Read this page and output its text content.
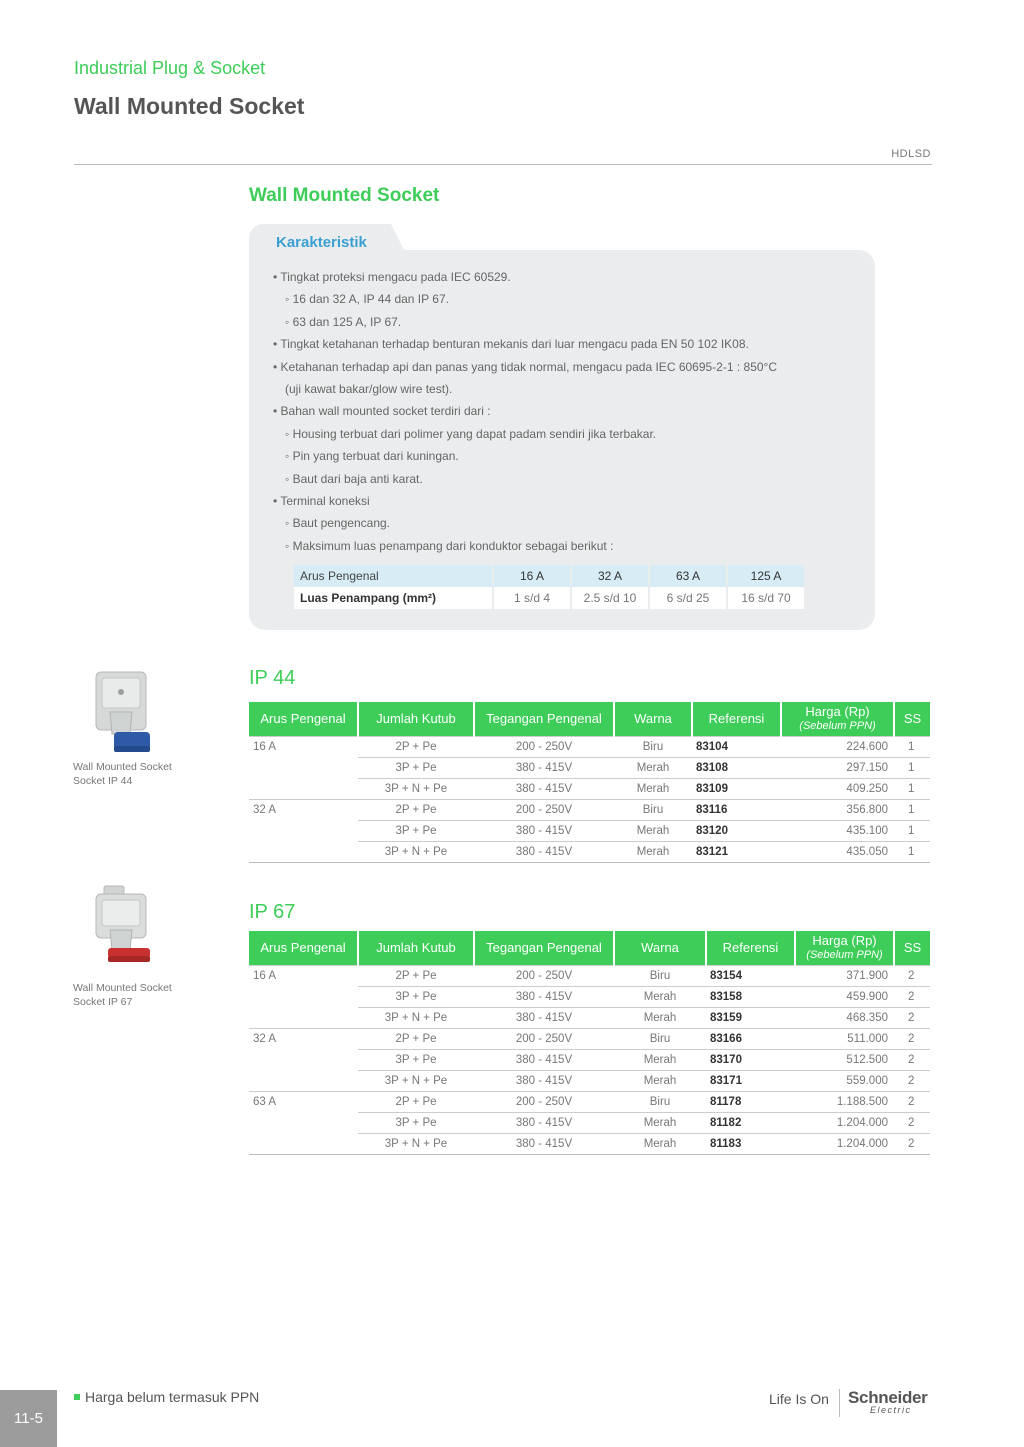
Industrial Plug & Socket
Wall Mounted Socket
HDLSD
Wall Mounted Socket
Karakteristik
• Tingkat proteksi mengacu pada IEC 60529.
◦ 16 dan 32 A, IP 44 dan IP 67.
◦ 63 dan 125 A, IP 67.
• Tingkat ketahanan terhadap benturan mekanis dari luar mengacu pada EN 50 102 IK08.
• Ketahanan terhadap api dan panas yang tidak normal, mengacu pada IEC 60695-2-1 : 850°C
(uji kawat bakar/glow wire test).
• Bahan wall mounted socket terdiri dari :
◦ Housing terbuat dari polimer yang dapat padam sendiri jika terbakar.
◦ Pin yang terbuat dari kuningan.
◦ Baut dari baja anti karat.
• Terminal koneksi
◦ Baut pengencang.
◦ Maksimum luas penampang dari konduktor sebagai berikut :
Arus Pengenal	16 A	32 A	63 A	125 A
Luas Penampang (mm²)	1 s/d 4	2.5 s/d 10	6 s/d 25	16 s/d 70
Wall Mounted Socket Socket IP 44
IP 44
Arus Pengenal	Jumlah Kutub	Tegangan Pengenal	Warna	Referensi	Harga (Rp)
(Sebelum PPN)	SS
16 A	2P + Pe	200 - 250V	Biru	83104	224.600	1
	3P + Pe	380 - 415V	Merah	83108	297.150	1
	3P + N + Pe	380 - 415V	Merah	83109	409.250	1
32 A	2P + Pe	200 - 250V	Biru	83116	356.800	1
	3P + Pe	380 - 415V	Merah	83120	435.100	1
	3P + N + Pe	380 - 415V	Merah	83121	435.050	1
Wall Mounted Socket Socket IP 67
IP 67
Arus Pengenal	Jumlah Kutub	Tegangan Pengenal	Warna	Referensi	Harga (Rp)
(Sebelum PPN)	SS
16 A	2P + Pe	200 - 250V	Biru	83154	371.900	2
	3P + Pe	380 - 415V	Merah	83158	459.900	2
	3P + N + Pe	380 - 415V	Merah	83159	468.350	2
32 A	2P + Pe	200 - 250V	Biru	83166	511.000	2
	3P + Pe	380 - 415V	Merah	83170	512.500	2
	3P + N + Pe	380 - 415V	Merah	83171	559.000	2
63 A	2P + Pe	200 - 250V	Biru	81178	1.188.500	2
	3P + Pe	380 - 415V	Merah	81182	1.204.000	2
	3P + N + Pe	380 - 415V	Merah	81183	1.204.000	2
11-5
Harga belum termasuk PPN	Life Is On Schneider
Electric
